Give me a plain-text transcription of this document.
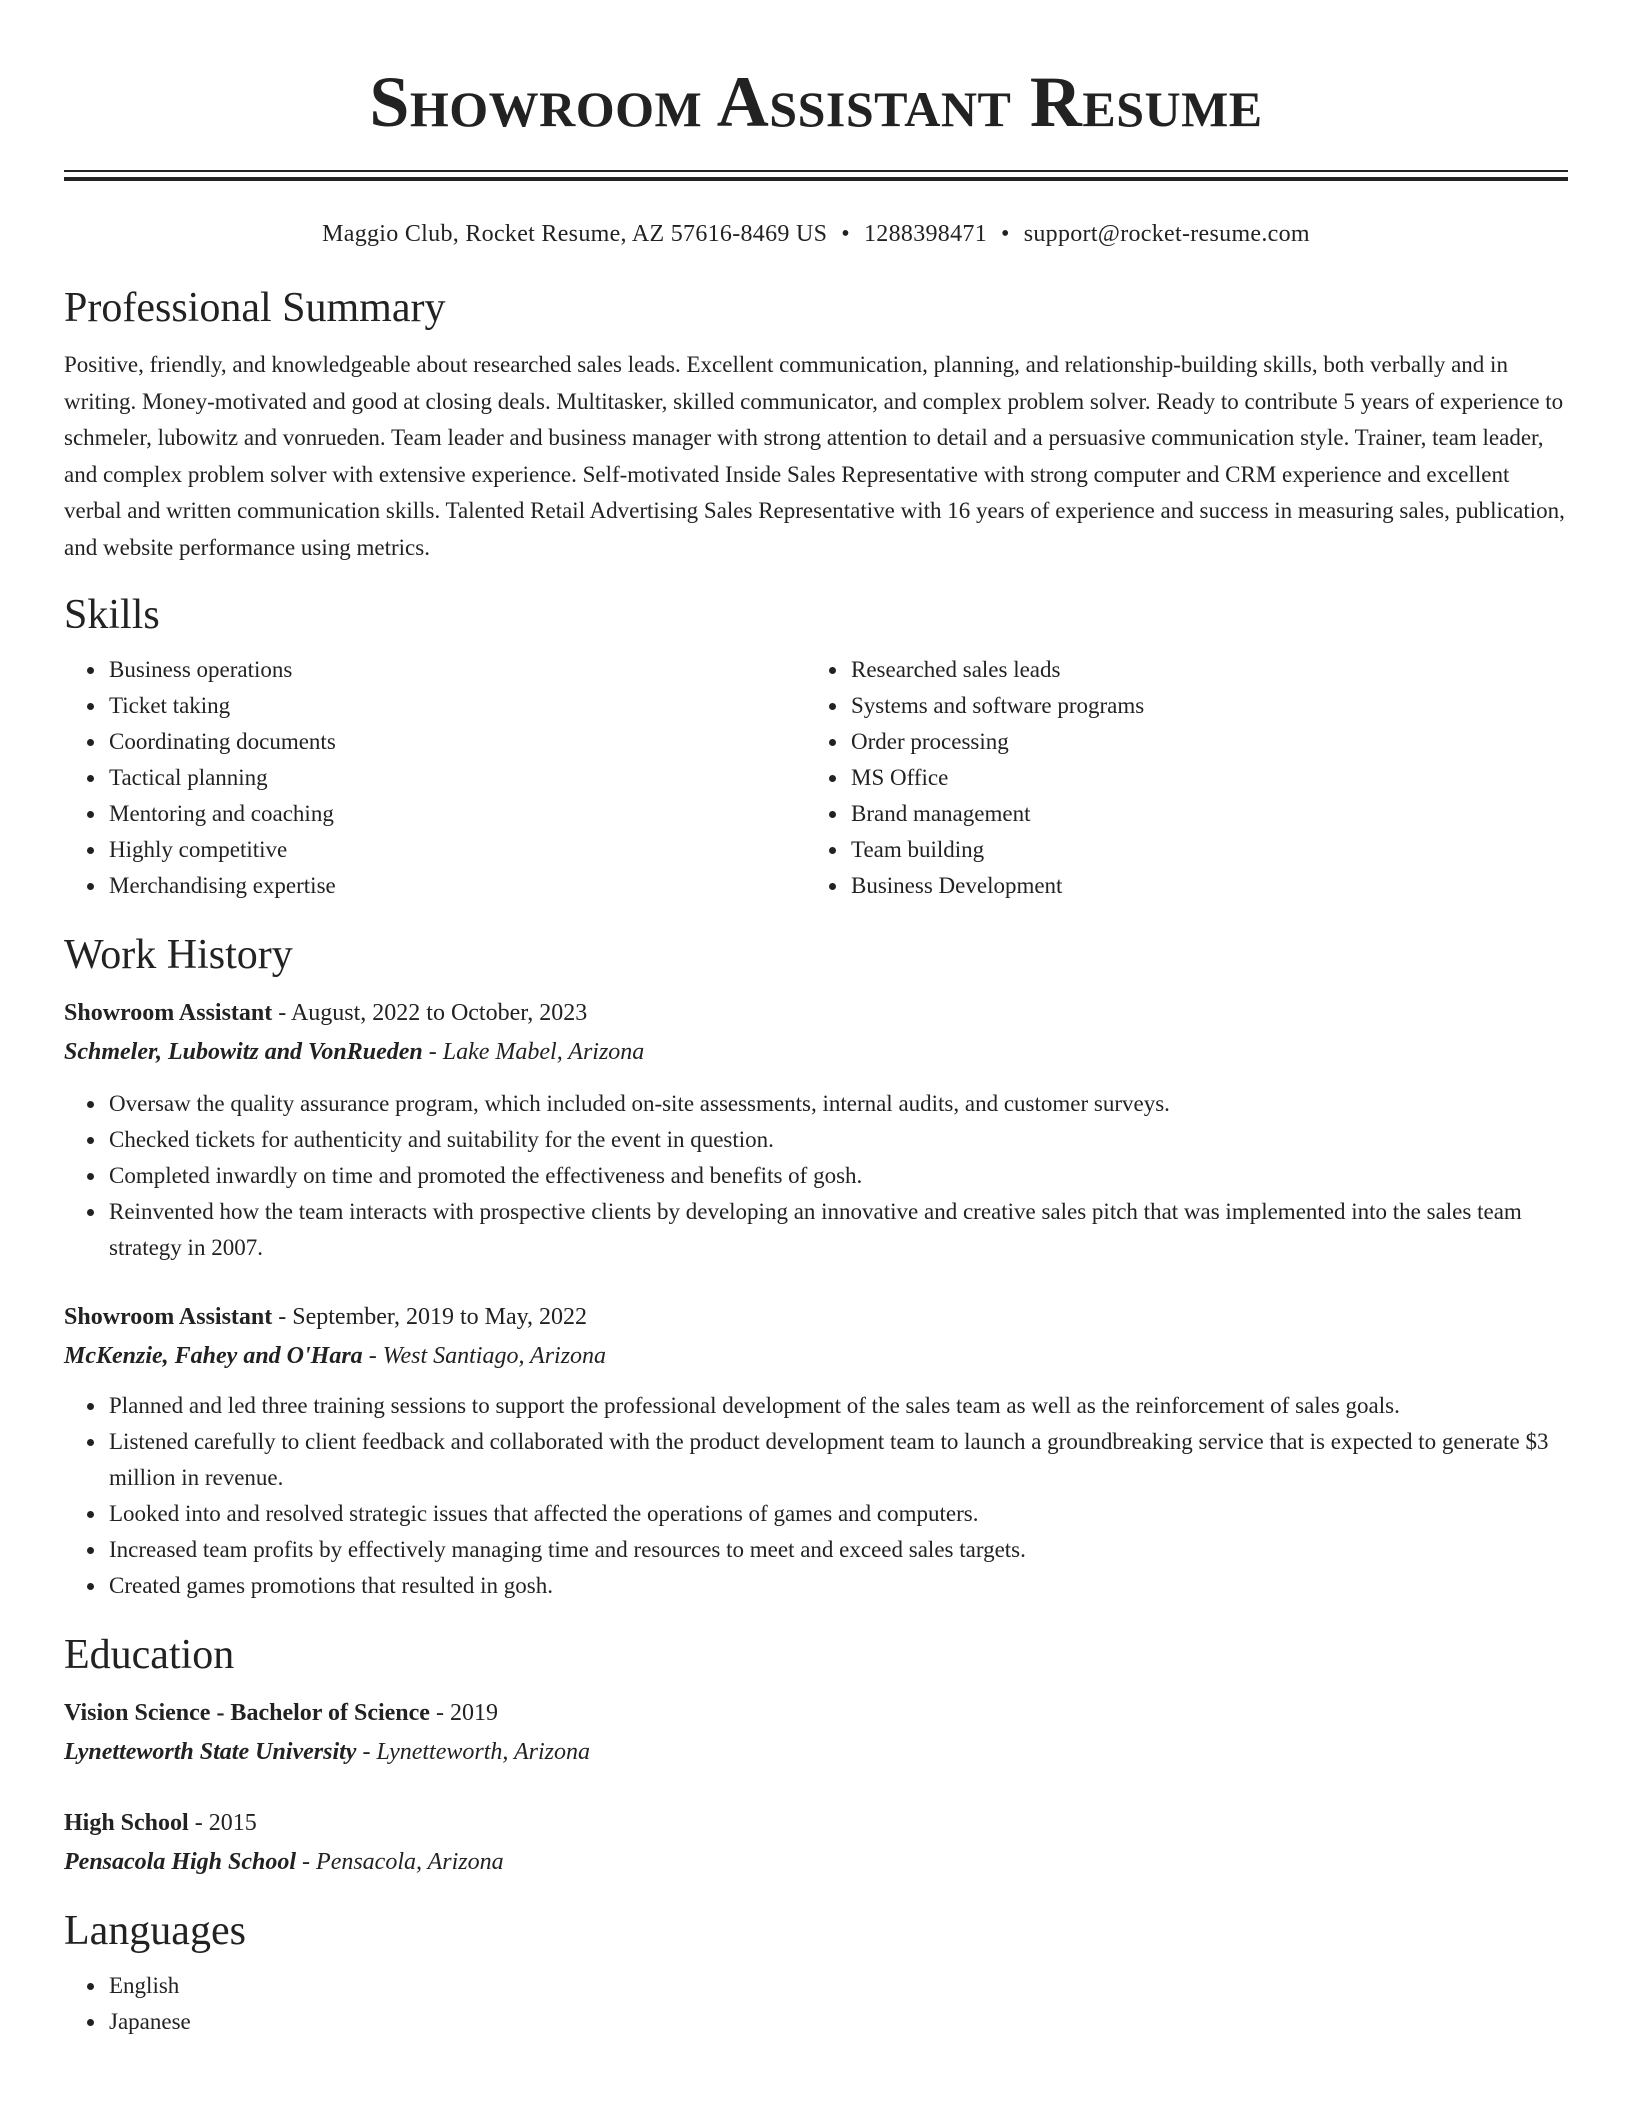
Showroom Assistant Resume
Maggio Club, Rocket Resume, AZ 57616-8469 US • 1288398471 • support@rocket-resume.com
Professional Summary

Positive, friendly, and knowledgeable about researched sales leads. Excellent communication, planning, and relationship-building skills, both verbally and in writing. Money-motivated and good at closing deals. Multitasker, skilled communicator, and complex problem solver. Ready to contribute 5 years of experience to schmeler, lubowitz and vonrueden. Team leader and business manager with strong attention to detail and a persuasive communication style. Trainer, team leader, and complex problem solver with extensive experience. Self-motivated Inside Sales Representative with strong computer and CRM experience and excellent verbal and written communication skills. Talented Retail Advertising Sales Representative with 16 years of experience and success in measuring sales, publication, and website performance using metrics.

Skills
• Business operations
• Ticket taking
• Coordinating documents
• Tactical planning
• Mentoring and coaching
• Highly competitive
• Merchandising expertise
• Researched sales leads
• Systems and software programs
• Order processing
• MS Office
• Brand management
• Team building
• Business Development
Work History
Showroom Assistant - August, 2022 to October, 2023
Schmeler, Lubowitz and VonRueden - Lake Mabel, Arizona
• Oversaw the quality assurance program, which included on-site assessments, internal audits, and customer surveys.
• Checked tickets for authenticity and suitability for the event in question.
• Completed inwardly on time and promoted the effectiveness and benefits of gosh.
• Reinvented how the team interacts with prospective clients by developing an innovative and creative sales pitch that was implemented into the sales team strategy in 2007.
Showroom Assistant - September, 2019 to May, 2022
McKenzie, Fahey and O'Hara - West Santiago, Arizona
• Planned and led three training sessions to support the professional development of the sales team as well as the reinforcement of sales goals.
• Listened carefully to client feedback and collaborated with the product development team to launch a groundbreaking service that is expected to generate $3 million in revenue.
• Looked into and resolved strategic issues that affected the operations of games and computers.
• Increased team profits by effectively managing time and resources to meet and exceed sales targets.
• Created games promotions that resulted in gosh.
Education
Vision Science - Bachelor of Science - 2019
Lynetteworth State University - Lynetteworth, Arizona
High School - 2015
Pensacola High School - Pensacola, Arizona
Languages
• English
• Japanese
